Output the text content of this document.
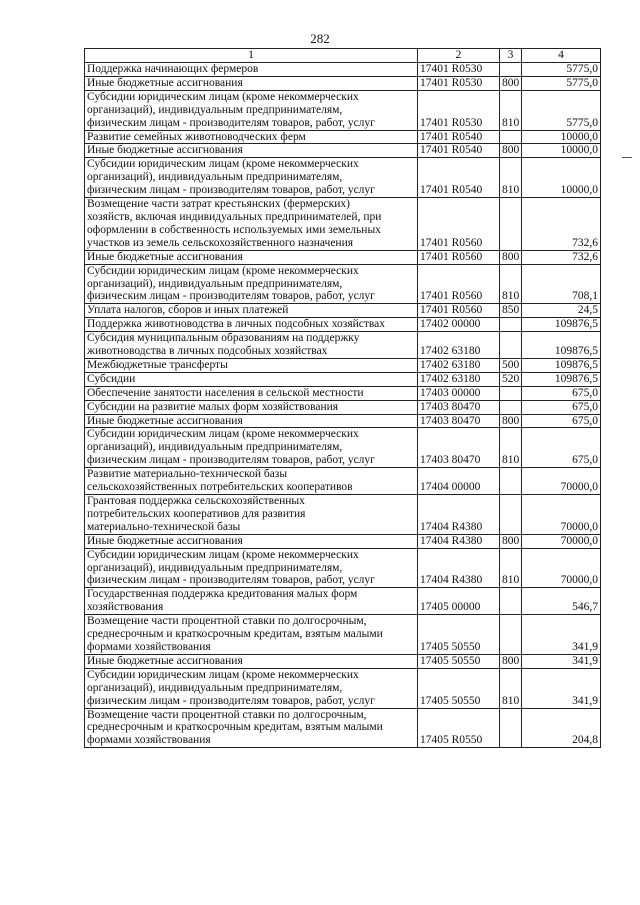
282
1	2	3	4
Поддержка начинающих фермеров	17401 R0530		5775,0
Иные бюджетные ассигнования	17401 R0530	800	5775,0
Субсидии юридическим лицам (кроме некоммерческих
организаций), индивидуальным предпринимателям,
физическим лицам - производителям товаров, работ, услуг	17401 R0530	810	5775,0
Развитие семейных животноводческих ферм	17401 R0540		10000,0
Иные бюджетные ассигнования	17401 R0540	800	10000,0
Субсидии юридическим лицам (кроме некоммерческих
организаций), индивидуальным предпринимателям,
физическим лицам - производителям товаров, работ, услуг	17401 R0540	810	10000,0
Возмещение части затрат крестьянских (фермерских)
хозяйств, включая индивидуальных предпринимателей, при
оформлении в собственность используемых ими земельных
участков из земель сельскохозяйственного назначения	17401 R0560		732,6
Иные бюджетные ассигнования	17401 R0560	800	732,6
Субсидии юридическим лицам (кроме некоммерческих
организаций), индивидуальным предпринимателям,
физическим лицам - производителям товаров, работ, услуг	17401 R0560	810	708,1
Уплата налогов, сборов и иных платежей	17401 R0560	850	24,5
Поддержка животноводства в личных подсобных хозяйствах	17402 00000		109876,5
Субсидия муниципальным образованиям на поддержку
животноводства в личных подсобных хозяйствах	17402 63180		109876,5
Межбюджетные трансферты	17402 63180	500	109876,5
Субсидии	17402 63180	520	109876,5
Обеспечение занятости населения в сельской местности	17403 00000		675,0
Субсидии на развитие малых форм хозяйствования	17403 80470		675,0
Иные бюджетные ассигнования	17403 80470	800	675,0
Субсидии юридическим лицам (кроме некоммерческих
организаций), индивидуальным предпринимателям,
физическим лицам - производителям товаров, работ, услуг	17403 80470	810	675,0
Развитие материально-технической базы
сельскохозяйственных потребительских кооперативов	17404 00000		70000,0
Грантовая поддержка сельскохозяйственных
потребительских кооперативов для развития
материально-технической базы	17404 R4380		70000,0
Иные бюджетные ассигнования	17404 R4380	800	70000,0
Субсидии юридическим лицам (кроме некоммерческих
организаций), индивидуальным предпринимателям,
физическим лицам - производителям товаров, работ, услуг	17404 R4380	810	70000,0
Государственная поддержка кредитования малых форм
хозяйствования	17405 00000		546,7
Возмещение части процентной ставки по долгосрочным,
среднесрочным и краткосрочным кредитам, взятым малыми
формами хозяйствования	17405 50550		341,9
Иные бюджетные ассигнования	17405 50550	800	341,9
Субсидии юридическим лицам (кроме некоммерческих
организаций), индивидуальным предпринимателям,
физическим лицам - производителям товаров, работ, услуг	17405 50550	810	341,9
Возмещение части процентной ставки по долгосрочным,
среднесрочным и краткосрочным кредитам, взятым малыми
формами хозяйствования	17405 R0550		204,8
